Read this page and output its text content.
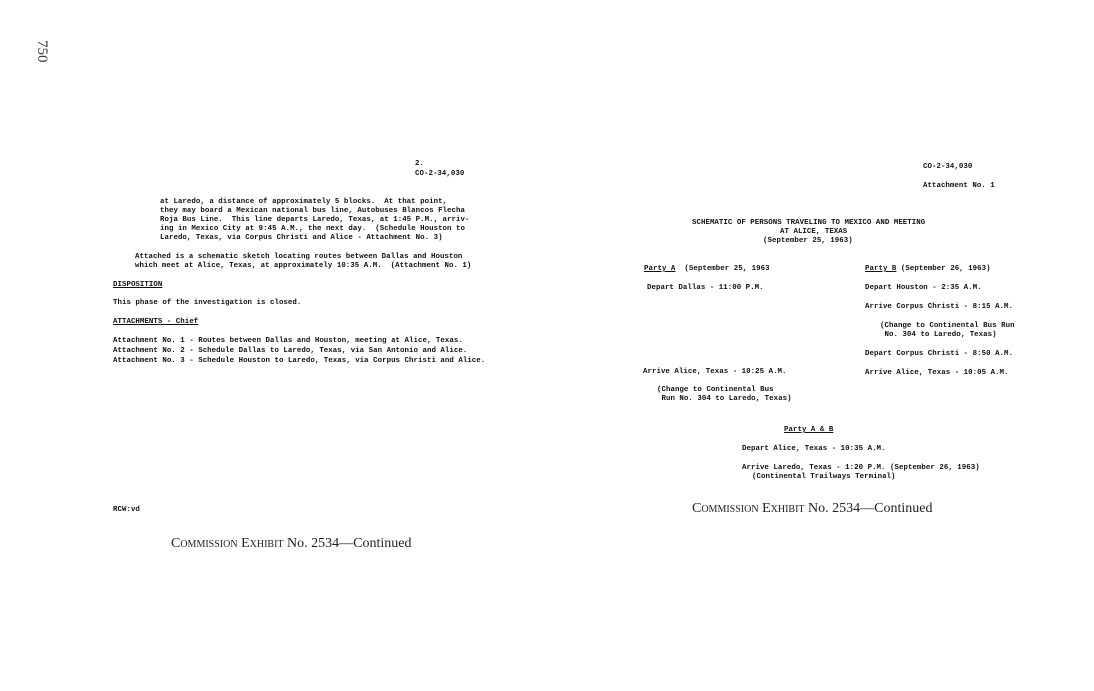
750
2.
CO-2-34,030
at Laredo, a distance of approximately 5 blocks.  At that point,
they may board a Mexican national bus line, Autobuses Blancos Flecha
Roja Bus Line.  This line departs Laredo, Texas, at 1:45 P.M., arriv-
ing in Mexico City at 9:45 A.M., the next day.  (Schedule Houston to
Laredo, Texas, via Corpus Christi and Alice - Attachment No. 3)
Attached is a schematic sketch locating routes between Dallas and Houston
which meet at Alice, Texas, at approximately 10:35 A.M.  (Attachment No. 1)
DISPOSITION
This phase of the investigation is closed.
ATTACHMENTS - Chief
Attachment No. 1 - Routes between Dallas and Houston, meeting at Alice, Texas.
Attachment No. 2 - Schedule Dallas to Laredo, Texas, via San Antonio and Alice.
Attachment No. 3 - Schedule Houston to Laredo, Texas, via Corpus Christi and Alice.
RCW:vd
Commission Exhibit No. 2534—Continued
CO-2-34,030
Attachment No. 1
SCHEMATIC OF PERSONS TRAVELING TO MEXICO AND MEETING
AT ALICE, TEXAS
(September 25, 1963)
Party A (September 25, 1963
Depart Dallas - 11:00 P.M.
Arrive Alice, Texas - 10:25 A.M.
(Change to Continental Bus
Run No. 304 to Laredo, Texas)
Party B (September 26, 1963)
Depart Houston - 2:35 A.M.
Arrive Corpus Christi - 8:15 A.M.
(Change to Continental Bus Run
No. 304 to Laredo, Texas)
Depart Corpus Christi - 8:50 A.M.
Arrive Alice, Texas - 10:05 A.M.
Party A & B
Depart Alice, Texas - 10:35 A.M.
Arrive Laredo, Texas - 1:20 P.M. (September 26, 1963)
(Continental Trailways Terminal)
Commission Exhibit No. 2534—Continued
